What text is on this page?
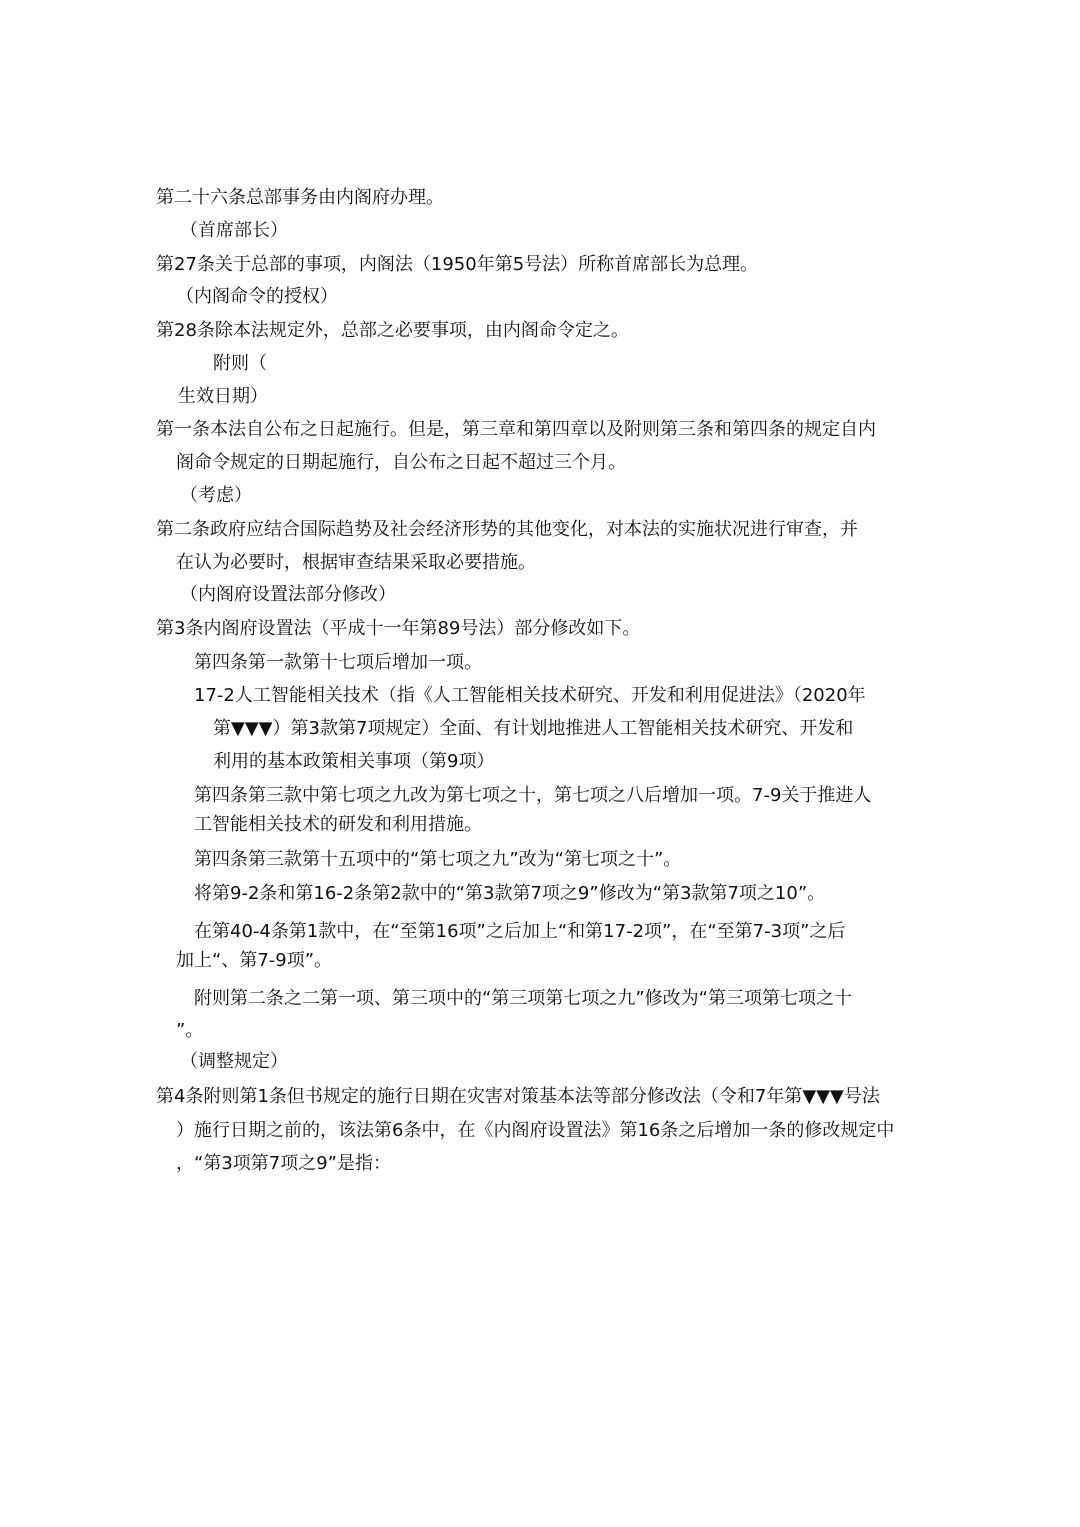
第二十六条总部事务由内阁府办理。
（首席部长）
第27条关于总部的事项，内阁法（1950年第5号法）所称首席部长为总理。
（内阁命令的授权）
第28条除本法规定外，总部之必要事项，由内阁命令定之。
附则（
生效日期）
第一条本法自公布之日起施行。但是，第三章和第四章以及附则第三条和第四条的规定自内
阁命令规定的日期起施行，自公布之日起不超过三个月。
（考虑）
第二条政府应结合国际趋势及社会经济形势的其他变化，对本法的实施状况进行审查，并
在认为必要时，根据审查结果采取必要措施。
（内阁府设置法部分修改）
第3条内阁府设置法（平成十一年第89号法）部分修改如下。
第四条第一款第十七项后增加一项。
17-2人工智能相关技术（指《人工智能相关技术研究、开发和利用促进法》（2020年
第▼▼▼）第3款第7项规定）全面、有计划地推进人工智能相关技术研究、开发和
利用的基本政策相关事项（第9项）
第四条第三款中第七项之九改为第七项之十，第七项之八后增加一项。7-9关于推进人
工智能相关技术的研发和利用措施。
第四条第三款第十五项中的“第七项之九”改为“第七项之十”。
将第9-2条和第16-2条第2款中的“第3款第7项之9”修改为“第3款第7项之10”。
在第40-4条第1款中，在“至第16项”之后加上“和第17-2项”，在“至第7-3项”之后
加上“、第7-9项”。
附则第二条之二第一项、第三项中的“第三项第七项之九”修改为“第三项第七项之十
”。
（调整规定）
第4条附则第1条但书规定的施行日期在灾害对策基本法等部分修改法（令和7年第▼▼▼号法
）施行日期之前的，该法第6条中，在《内阁府设置法》第16条之后增加一条的修改规定中
，“第3项第7项之9”是指：
